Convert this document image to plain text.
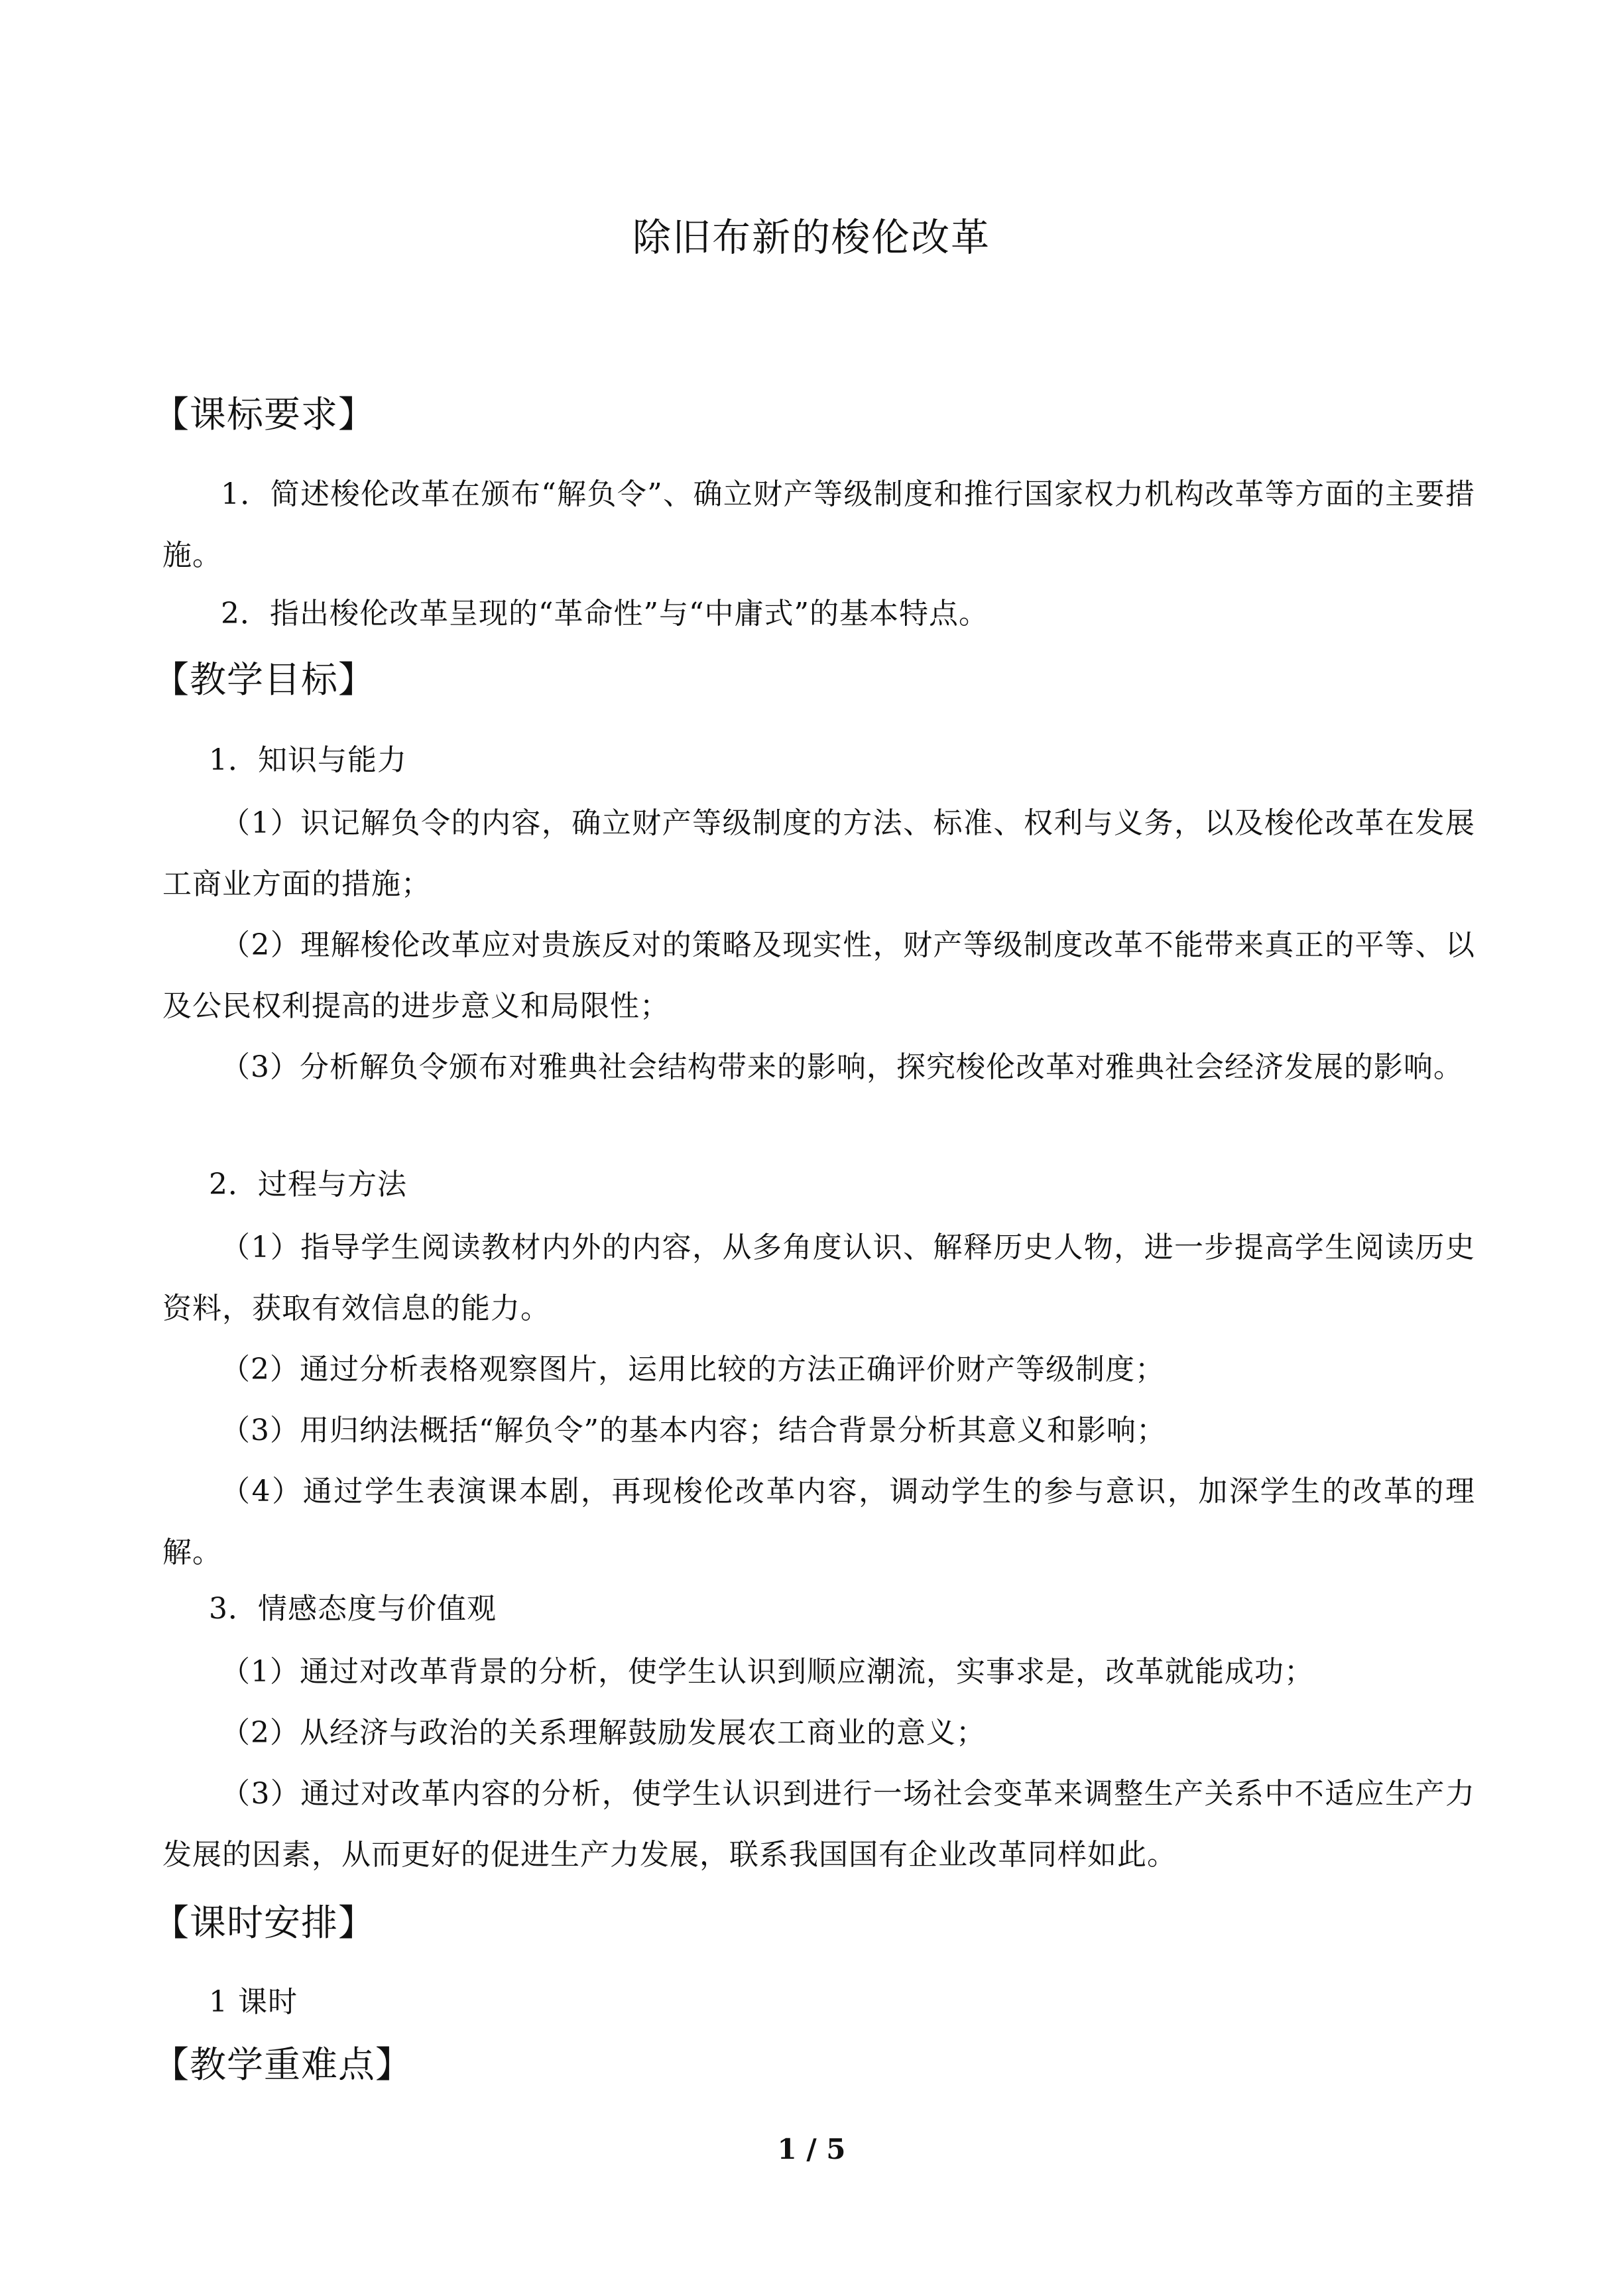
除旧布新的梭伦改革
【课标要求】
1．简述梭伦改革在颁布“解负令”、确立财产等级制度和推行国家权力机构改革等方面的主要措施。
2．指出梭伦改革呈现的“革命性”与“中庸式”的基本特点。
【教学目标】
1．知识与能力
（1）识记解负令的内容，确立财产等级制度的方法、标准、权利与义务，以及梭伦改革在发展工商业方面的措施；
（2）理解梭伦改革应对贵族反对的策略及现实性，财产等级制度改革不能带来真正的平等、以及公民权利提高的进步意义和局限性；
（3）分析解负令颁布对雅典社会结构带来的影响，探究梭伦改革对雅典社会经济发展的影响。
2．过程与方法
（1）指导学生阅读教材内外的内容，从多角度认识、解释历史人物，进一步提高学生阅读历史资料，获取有效信息的能力。
（2）通过分析表格观察图片，运用比较的方法正确评价财产等级制度；
（3）用归纳法概括“解负令”的基本内容；结合背景分析其意义和影响；
（4）通过学生表演课本剧，再现梭伦改革内容，调动学生的参与意识，加深学生的改革的理解。
3．情感态度与价值观
（1）通过对改革背景的分析，使学生认识到顺应潮流，实事求是，改革就能成功；
（2）从经济与政治的关系理解鼓励发展农工商业的意义；
（3）通过对改革内容的分析，使学生认识到进行一场社会变革来调整生产关系中不适应生产力发展的因素，从而更好的促进生产力发展，联系我国国有企业改革同样如此。
【课时安排】
1 课时
【教学重难点】
1 / 5
